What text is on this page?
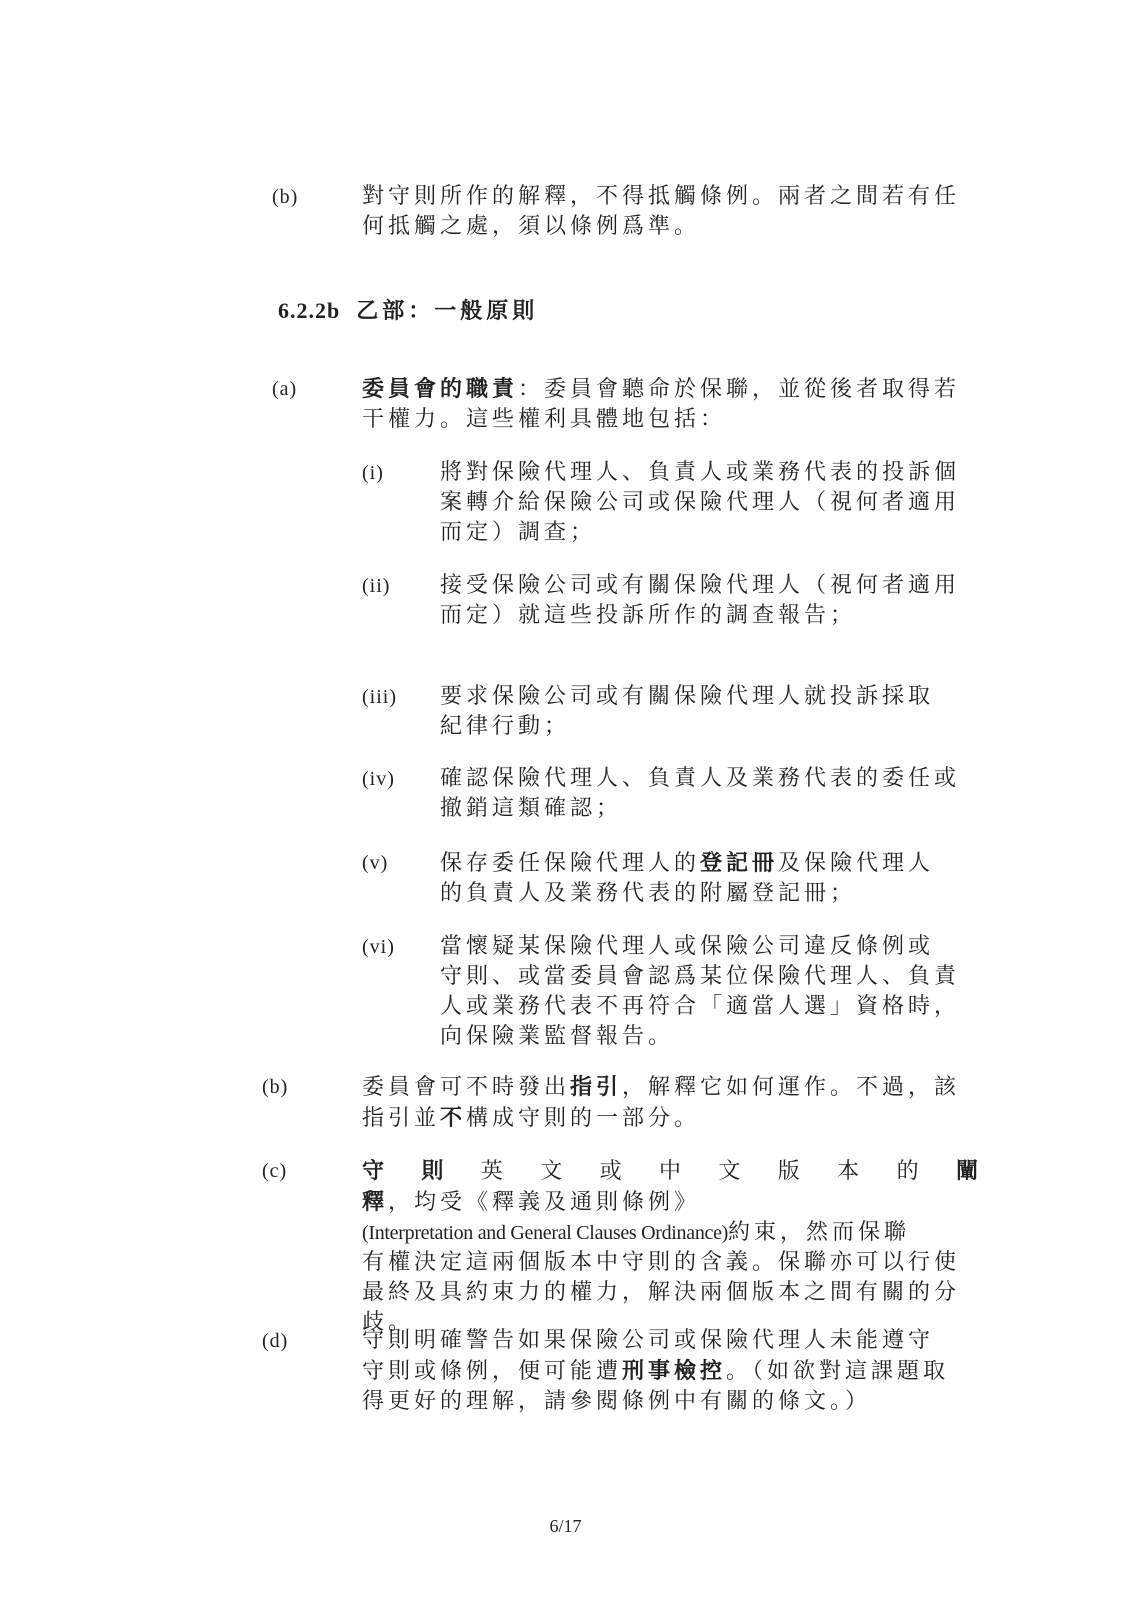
(b)	對守則所作的解釋，不得抵觸條例。兩者之間若有任
何抵觸之處，須以條例爲準。
6.2.2b 乙部：一般原則
(a)	委員會的職責：委員會聽命於保聯，並從後者取得若
干權力。這些權利具體地包括：
(i)	將對保險代理人、負責人或業務代表的投訴個
案轉介給保險公司或保險代理人（視何者適用
而定）調查；
(ii) 接受保險公司或有關保險代理人（視何者適用
而定）就這些投訴所作的調查報告；
(iii) 要求保險公司或有關保險代理人就投訴採取
紀律行動；
(iv) 確認保險代理人、負責人及業務代表的委任或
撤銷這類確認；
(v) 保存委任保險代理人的登記冊及保險代理人
的負責人及業務代表的附屬登記冊；
(vi) 當懷疑某保險代理人或保險公司違反條例或
守則、或當委員會認爲某位保險代理人、負責
人或業務代表不再符合「適當人選」資格時，
向保險業監督報告。
(b)	委員會可不時發出指引，解釋它如何運作。不過，該
指引並不構成守則的一部分。
(c)	守則英文或中文版本的闡釋，均受《釋義及通則條例》
(Interpretation and General Clauses Ordinance)約束，然而保聯
有權決定這兩個版本中守則的含義。保聯亦可以行使
最終及具約束力的權力，解決兩個版本之間有關的分
歧。
(d)	守則明確警告如果保險公司或保險代理人未能遵守
守則或條例，便可能遭刑事檢控。（如欲對這課題取
得更好的理解，請參閱條例中有關的條文。）
6/17
